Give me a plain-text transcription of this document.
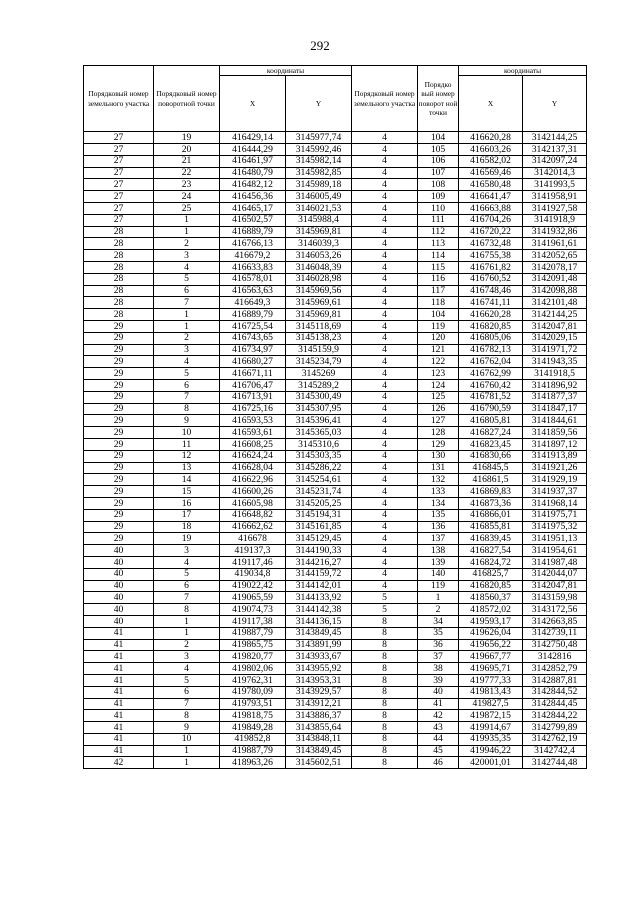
292
Порядковый номер земельного участка	Порядковый номер поворотной точки	координаты		Порядковый номер земельного участка	Порядко вый номер поворот ной точки	координаты	
		X	Y			X	Y
27	19	416429,14	3145977,74	4	104	416620,28	3142144,25
27	20	416444,29	3145992,46	4	105	416603,26	3142137,31
27	21	416461,97	3145982,14	4	106	416582,02	3142097,24
27	22	416480,79	3145982,85	4	107	416569,46	3142014,3
27	23	416482,12	3145989,18	4	108	416580,48	3141993,5
27	24	416456,36	3146005,49	4	109	416641,47	3141958,91
27	25	416465,17	3146021,53	4	110	416663,88	3141927,58
27	1	416502,57	3145988,4	4	111	416704,26	3141918,9
28	1	416889,79	3145969,81	4	112	416720,22	3141932,86
28	2	416766,13	3146039,3	4	113	416732,48	3141961,61
28	3	416679,2	3146053,26	4	114	416755,38	3142052,65
28	4	416633,83	3146048,39	4	115	416761,82	3142078,17
28	5	416578,01	3146028,98	4	116	416760,52	3142091,48
28	6	416563,63	3145969,56	4	117	416748,46	3142098,88
28	7	416649,3	3145969,61	4	118	416741,11	3142101,48
28	1	416889,79	3145969,81	4	104	416620,28	3142144,25
29	1	416725,54	3145118,69	4	119	416820,85	3142047,81
29	2	416743,65	3145138,23	4	120	416805,06	3142029,15
29	3	416734,97	3145159,9	4	121	416782,13	3141971,72
29	4	416680,27	3145234,79	4	122	416762,04	3141943,35
29	5	416671,11	3145269	4	123	416762,99	3141918,5
29	6	416706,47	3145289,2	4	124	416760,42	3141896,92
29	7	416713,91	3145300,49	4	125	416781,52	3141877,37
29	8	416725,16	3145307,95	4	126	416790,59	3141847,17
29	9	416593,53	3145396,41	4	127	416805,81	3141844,61
29	10	416593,61	3145365,03	4	128	416827,24	3141859,56
29	11	416608,25	3145310,6	4	129	416823,45	3141897,12
29	12	416624,24	3145303,35	4	130	416830,66	3141913,89
29	13	416628,04	3145286,22	4	131	416845,5	3141921,26
29	14	416622,96	3145254,61	4	132	416861,5	3141929,19
29	15	416600,26	3145231,74	4	133	416869,83	3141937,37
29	16	416605,98	3145205,25	4	134	416873,36	3141968,14
29	17	416648,82	3145194,31	4	135	416866,01	3141975,71
29	18	416662,62	3145161,85	4	136	416855,81	3141975,32
29	19	416678	3145129,45	4	137	416839,45	3141951,13
40	3	419137,3	3144190,33	4	138	416827,54	3141954,61
40	4	419117,46	3144216,27	4	139	416824,72	3141987,48
40	5	419034,8	3144159,72	4	140	416825,7	3142044,07
40	6	419022,42	3144142,01	4	119	416820,85	3142047,81
40	7	419065,59	3144133,92	5	1	418560,37	3143159,98
40	8	419074,73	3144142,38	5	2	418572,02	3143172,56
40	1	419117,38	3144136,15	8	34	419593,17	3142663,85
41	1	419887,79	3143849,45	8	35	419626,04	3142739,11
41	2	419865,75	3143891,99	8	36	419656,22	3142750,48
41	3	419820,77	3143933,67	8	37	419667,77	3142816
41	4	419802,06	3143955,92	8	38	419695,71	3142852,79
41	5	419762,31	3143953,31	8	39	419777,33	3142887,81
41	6	419780,09	3143929,57	8	40	419813,43	3142844,52
41	7	419793,51	3143912,21	8	41	419827,5	3142844,45
41	8	419818,75	3143886,37	8	42	419872,15	3142844,22
41	9	419849,28	3143855,64	8	43	419914,67	3142799,89
41	10	419852,8	3143848,11	8	44	419935,35	3142762,19
41	1	419887,79	3143849,45	8	45	419946,22	3142742,4
42	1	418963,26	3145602,51	8	46	420001,01	3142744,48
